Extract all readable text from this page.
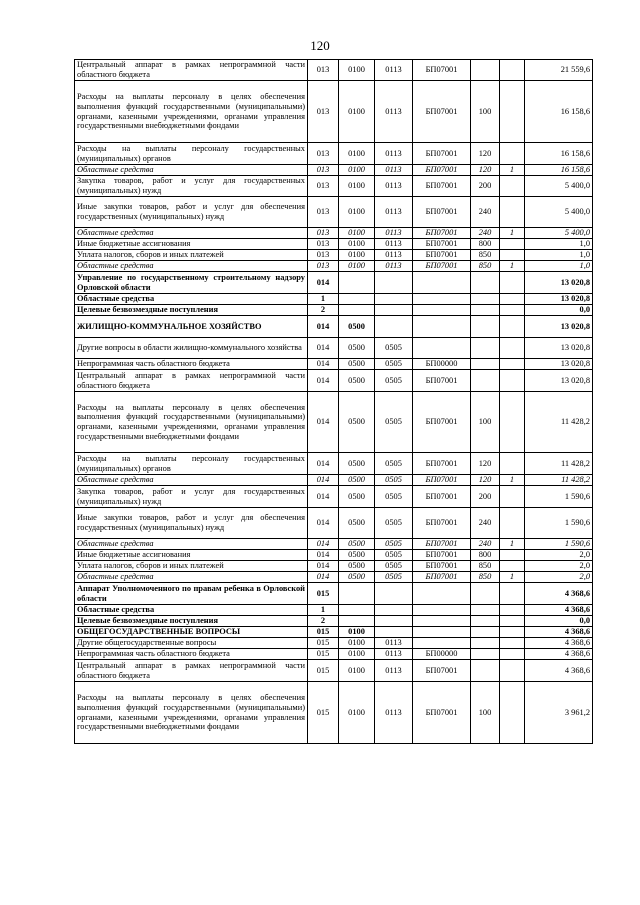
120
Центральный аппарат в рамках непрограммной части областного бюджета	013	0100	0113	БП07001			21 559,6
Расходы на выплаты персоналу в целях обеспечения выполнения функций государственными (муниципальными) органами, казенными учреждениями, органами управления государственными внебюджетными фондами	013	0100	0113	БП07001	100		16 158,6
Расходы на выплаты персоналу государственных (муниципальных) органов	013	0100	0113	БП07001	120		16 158,6
Областные средства	013	0100	0113	БП07001	120	1	16 158,6
Закупка товаров, работ и услуг для государственных (муниципальных) нужд	013	0100	0113	БП07001	200		5 400,0
Иные закупки товаров, работ и услуг для обеспечения государственных (муниципальных) нужд	013	0100	0113	БП07001	240		5 400,0
Областные средства	013	0100	0113	БП07001	240	1	5 400,0
Иные бюджетные ассигнования	013	0100	0113	БП07001	800		1,0
Уплата налогов, сборов и иных платежей	013	0100	0113	БП07001	850		1,0
Областные средства	013	0100	0113	БП07001	850	1	1,0
Управление по государственному строительному надзору Орловской области	014						13 020,8
Областные средства	1						13 020,8
Целевые безвозмездные поступления	2						0,0
ЖИЛИЩНО-КОММУНАЛЬНОЕ ХОЗЯЙСТВО	014	0500					13 020,8
Другие вопросы в области жилищно-коммунального хозяйства	014	0500	0505				13 020,8
Непрограммная часть областного бюджета	014	0500	0505	БП00000			13 020,8
Центральный аппарат в рамках непрограммной части областного бюджета	014	0500	0505	БП07001			13 020,8
Расходы на выплаты персоналу в целях обеспечения выполнения функций государственными (муниципальными) органами, казенными учреждениями, органами управления государственными внебюджетными фондами	014	0500	0505	БП07001	100		11 428,2
Расходы на выплаты персоналу государственных (муниципальных) органов	014	0500	0505	БП07001	120		11 428,2
Областные средства	014	0500	0505	БП07001	120	1	11 428,2
Закупка товаров, работ и услуг для государственных (муниципальных) нужд	014	0500	0505	БП07001	200		1 590,6
Иные закупки товаров, работ и услуг для обеспечения государственных (муниципальных) нужд	014	0500	0505	БП07001	240		1 590,6
Областные средства	014	0500	0505	БП07001	240	1	1 590,6
Иные бюджетные ассигнования	014	0500	0505	БП07001	800		2,0
Уплата налогов, сборов и иных платежей	014	0500	0505	БП07001	850		2,0
Областные средства	014	0500	0505	БП07001	850	1	2,0
Аппарат Уполномоченного по правам ребенка в Орловской области	015						4 368,6
Областные средства	1						4 368,6
Целевые безвозмездные поступления	2						0,0
ОБЩЕГОСУДАРСТВЕННЫЕ ВОПРОСЫ	015	0100					4 368,6
Другие общегосударственные вопросы	015	0100	0113				4 368,6
Непрограммная часть областного бюджета	015	0100	0113	БП00000			4 368,6
Центральный аппарат в рамках непрограммной части областного бюджета	015	0100	0113	БП07001			4 368,6
Расходы на выплаты персоналу в целях обеспечения выполнения функций государственными (муниципальными) органами, казенными учреждениями, органами управления государственными внебюджетными фондами	015	0100	0113	БП07001	100		3 961,2
